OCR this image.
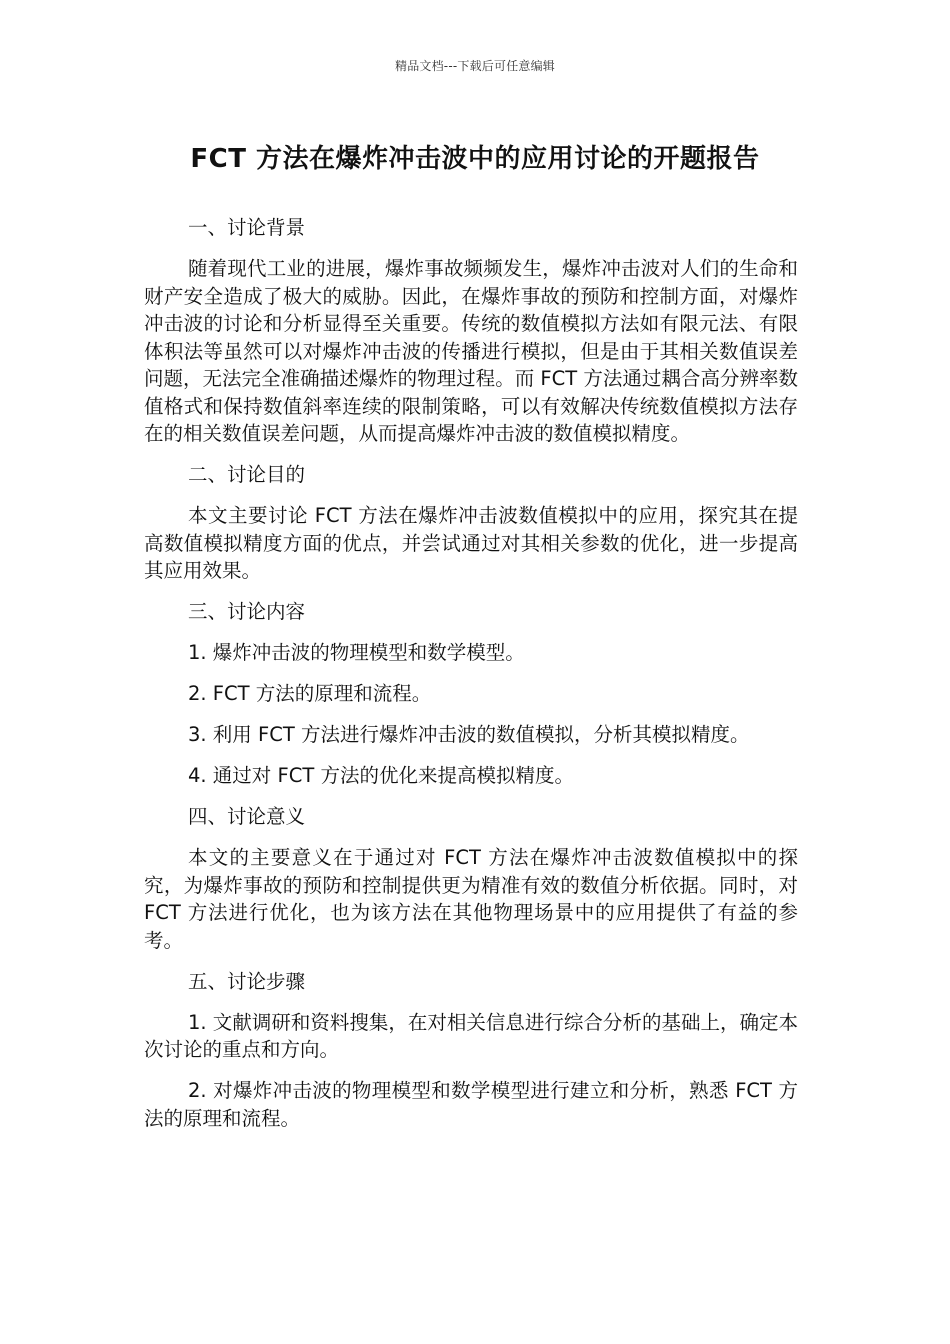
精品文档---下载后可任意编辑
FCT 方法在爆炸冲击波中的应用讨论的开题报告

一、讨论背景

随着现代工业的进展，爆炸事故频频发生，爆炸冲击波对人们的生命和财产安全造成了极大的威胁。因此，在爆炸事故的预防和控制方面，对爆炸冲击波的讨论和分析显得至关重要。传统的数值模拟方法如有限元法、有限体积法等虽然可以对爆炸冲击波的传播进行模拟，但是由于其相关数值误差问题，无法完全准确描述爆炸的物理过程。而 FCT 方法通过耦合高分辨率数值格式和保持数值斜率连续的限制策略，可以有效解决传统数值模拟方法存在的相关数值误差问题，从而提高爆炸冲击波的数值模拟精度。

二、讨论目的

本文主要讨论 FCT 方法在爆炸冲击波数值模拟中的应用，探究其在提高数值模拟精度方面的优点，并尝试通过对其相关参数的优化，进一步提高其应用效果。

三、讨论内容

1. 爆炸冲击波的物理模型和数学模型。

2. FCT 方法的原理和流程。

3. 利用 FCT 方法进行爆炸冲击波的数值模拟，分析其模拟精度。

4. 通过对 FCT 方法的优化来提高模拟精度。

四、讨论意义

本文的主要意义在于通过对 FCT 方法在爆炸冲击波数值模拟中的探究，为爆炸事故的预防和控制提供更为精准有效的数值分析依据。同时，对 FCT 方法进行优化，也为该方法在其他物理场景中的应用提供了有益的参考。

五、讨论步骤

1. 文献调研和资料搜集，在对相关信息进行综合分析的基础上，确定本次讨论的重点和方向。

2. 对爆炸冲击波的物理模型和数学模型进行建立和分析，熟悉 FCT 方法的原理和流程。
